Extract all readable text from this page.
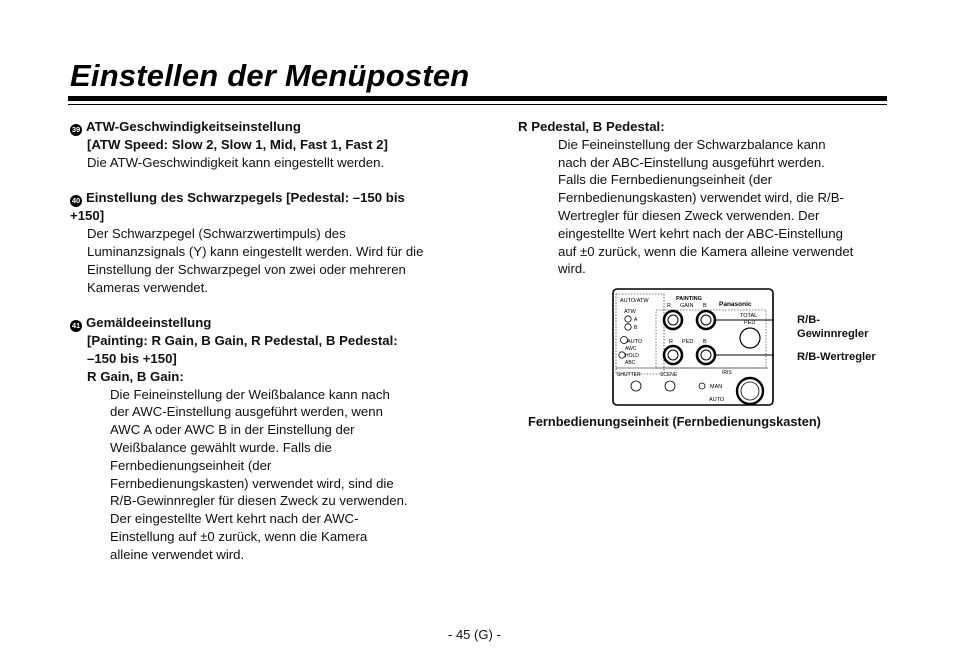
Einstellen der Menüposten

39 ATW-Geschwindigkeitseinstellung

[ATW Speed: Slow 2, Slow 1, Mid, Fast 1, Fast 2]

Die ATW-Geschwindigkeit kann eingestellt werden.

40 Einstellung des Schwarzpegels [Pedestal: –150 bis

+150]

Der Schwarzpegel (Schwarzwertimpuls) des

Luminanzsignals (Y) kann eingestellt werden. Wird für die

Einstellung der Schwarzpegel von zwei oder mehreren

Kameras verwendet.

41 Gemäldeeinstellung

[Painting: R Gain, B Gain, R Pedestal, B Pedestal:

–150 bis +150]

R Gain, B Gain:

Die Feineinstellung der Weißbalance kann nach

der AWC-Einstellung ausgeführt werden, wenn

AWC A oder AWC B in der Einstellung der

Weißbalance gewählt wurde. Falls die

Fernbedienungseinheit (der

Fernbedienungskasten) verwendet wird, sind die

R/B-Gewinnregler für diesen Zweck zu verwenden.

Der eingestellte Wert kehrt nach der AWC-

Einstellung auf ±0 zurück, wenn die Kamera

alleine verwendet wird.

R Pedestal, B Pedestal:

Die Feineinstellung der Schwarzbalance kann

nach der ABC-Einstellung ausgeführt werden.

Falls die Fernbedienungseinheit (der

Fernbedienungskasten) verwendet wird, die R/B-

Wertregler für diesen Zweck verwenden. Der

eingestellte Wert kehrt nach der ABC-Einstellung

auf ±0 zurück, wenn die Kamera alleine verwendet

wird.

AUTO/ATW	PAINTING
GAIN
R	B Panasonic
ATW
A
B
AUTO
AWC
HOLD
ABC
R PED B
TOTAL
PED
SHUTTER	SCENE	IRIS
MAN
AUTO
R/B-
Gewinnregler
R/B-Wertregler
Fernbedienungseinheit (Fernbedienungskasten)
- 45 (G) -
